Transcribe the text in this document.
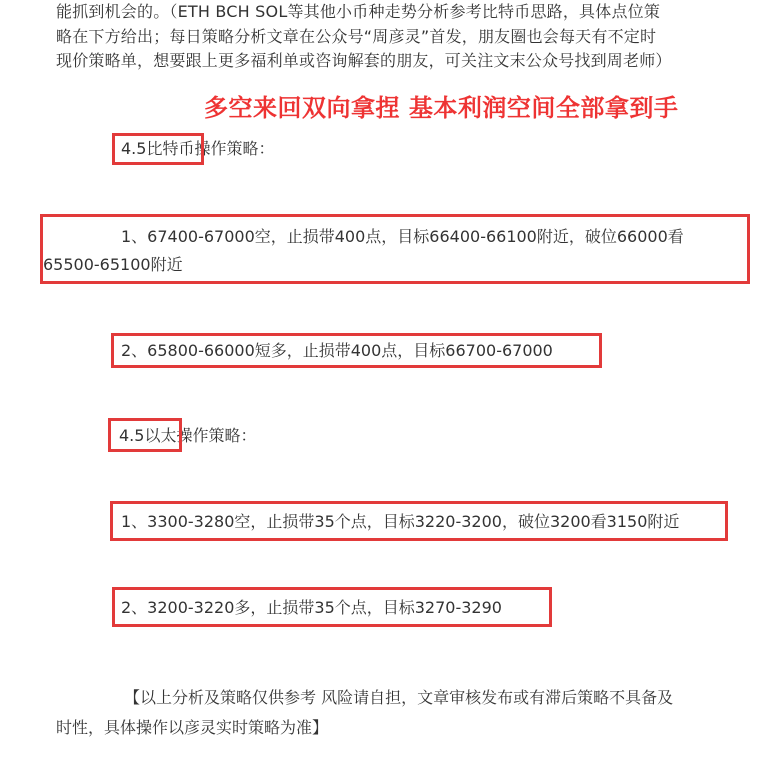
能抓到机会的。（ETH BCH SOL等其他小币种走势分析参考比特币思路，具体点位策
略在下方给出；每日策略分析文章在公众号“周彦灵”首发，朋友圈也会每天有不定时
现价策略单，想要跟上更多福利单或咨询解套的朋友，可关注文末公众号找到周老师）
多空来回双向拿捏 基本利润空间全部拿到手

4.5比特币操作策略：

1、67400-67000空，止损带400点，目标66400-66100附近，破位66000看

65500-65100附近

2、65800-66000短多，止损带400点，目标66700-67000

4.5以太操作策略：

1、3300-3280空，止损带35个点，目标3220-3200，破位3200看3150附近

2、3200-3220多，止损带35个点，目标3270-3290

【以上分析及策略仅供参考 风险请自担，文章审核发布或有滞后策略不具备及
时性，具体操作以彦灵实时策略为准】
